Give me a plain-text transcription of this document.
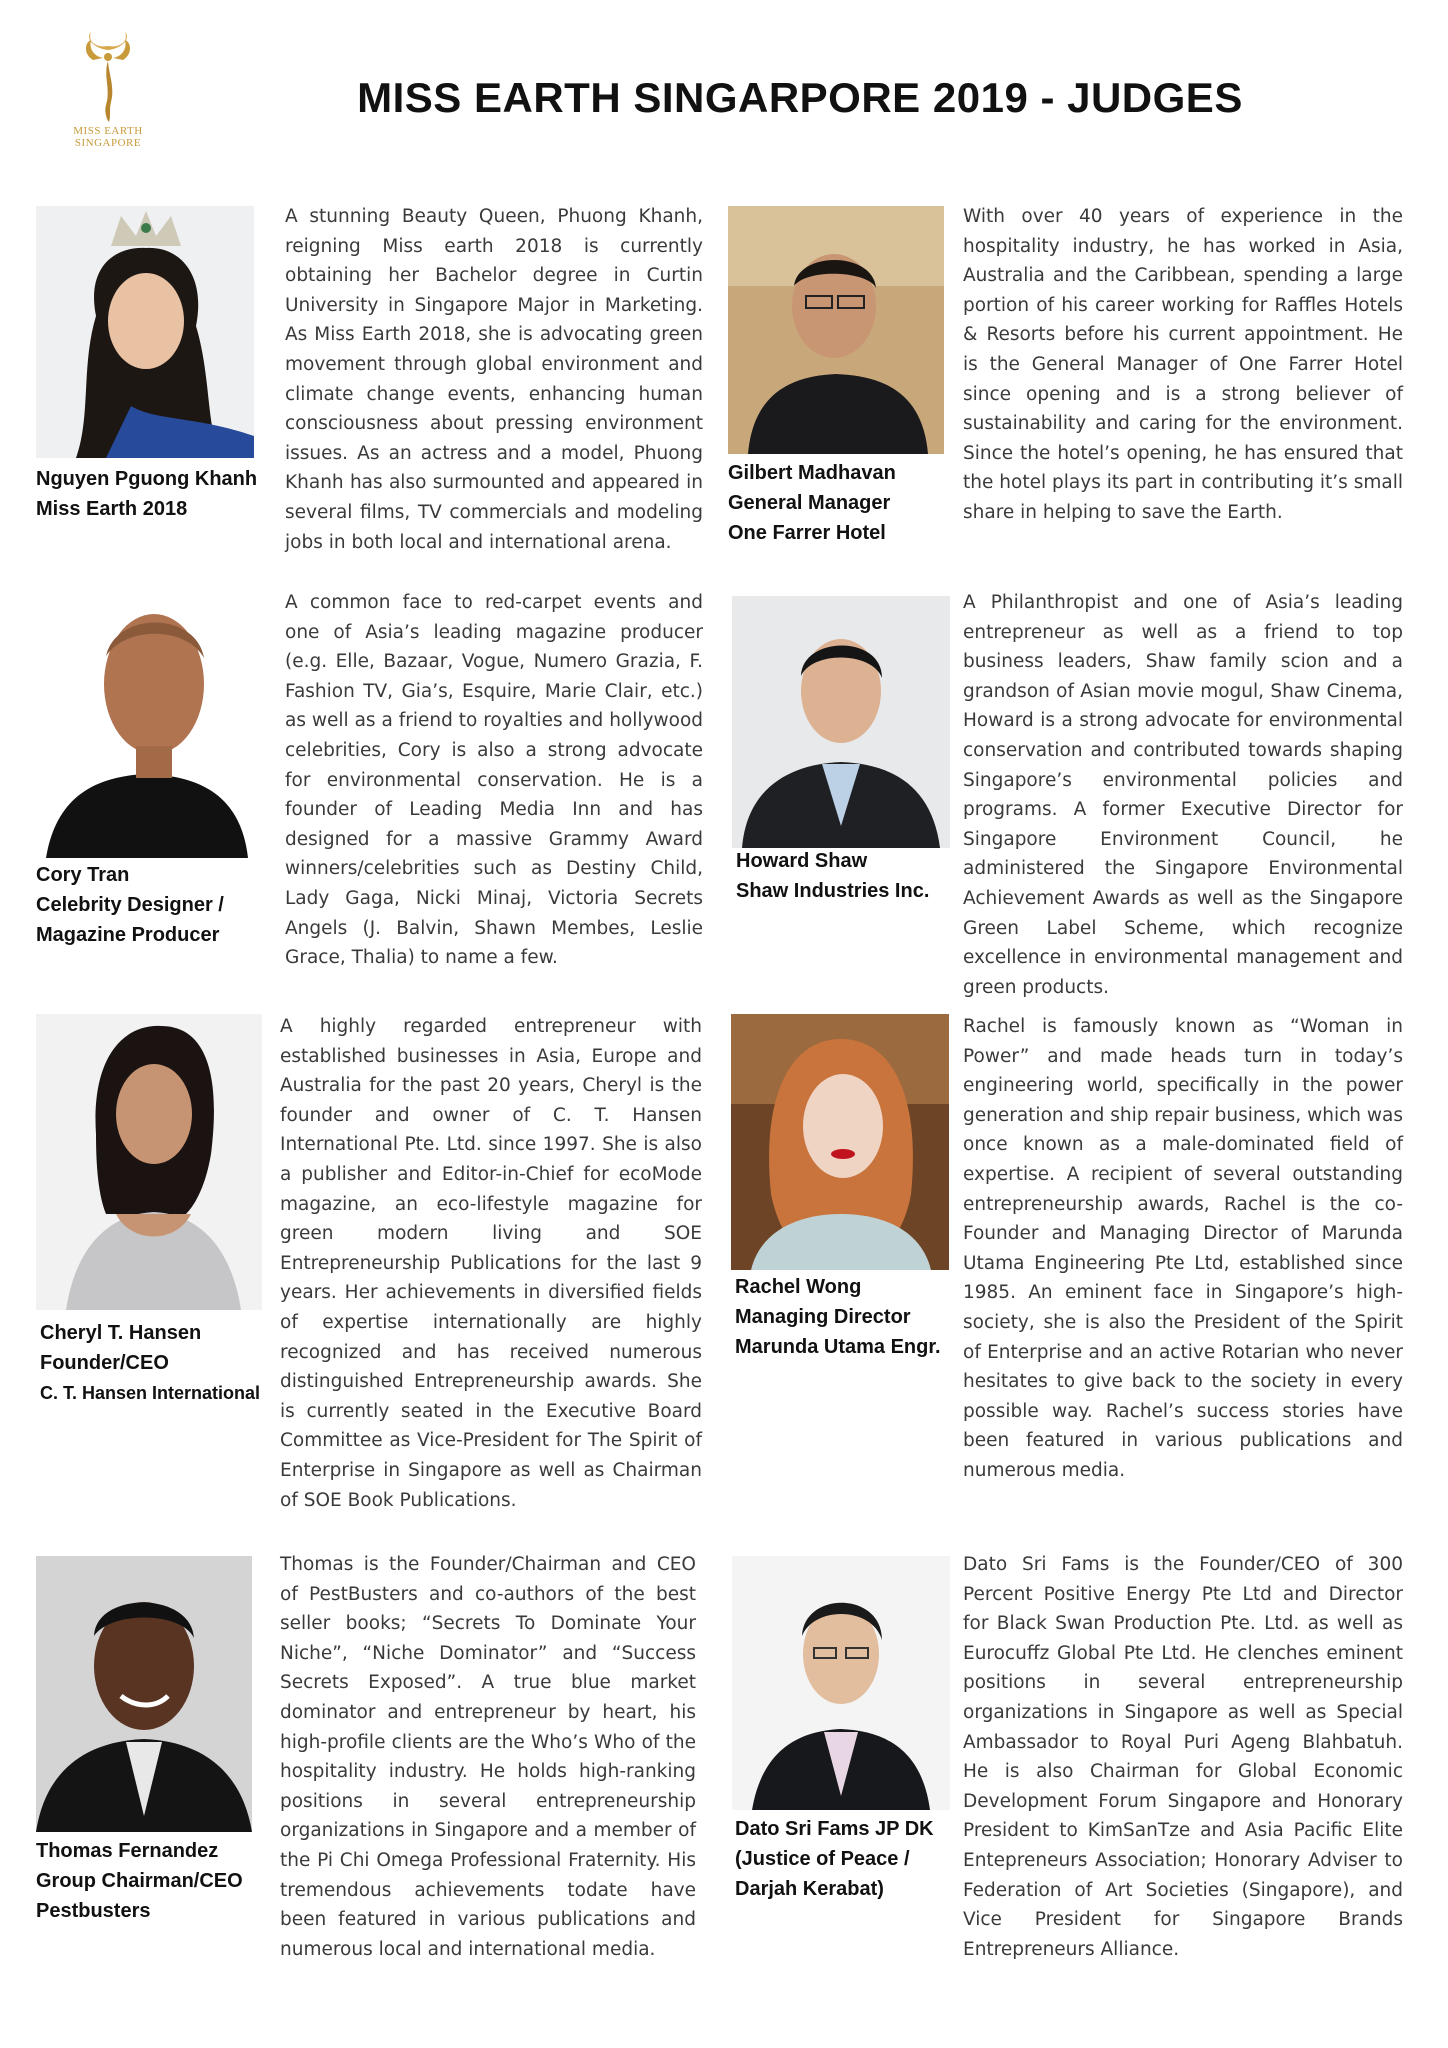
MISS EARTH
SINGAPORE
MISS EARTH SINGARPORE 2019 - JUDGES
Nguyen Pguong Khanh
Miss Earth 2018

A stunning Beauty Queen, Phuong Khanh, reigning Miss earth 2018 is currently obtaining her Bachelor degree in Curtin University in Singapore Major in Marketing. As Miss Earth 2018, she is advocating green movement through global environment and climate change events, enhancing human consciousness about pressing environment issues. As an actress and a model, Phuong Khanh has also surmounted and appeared in several films, TV commercials and modeling jobs in both local and international arena.

Gilbert Madhavan
General Manager
One Farrer Hotel

With over 40 years of experience in the hospitality industry, he has worked in Asia, Australia and the Caribbean, spending a large portion of his career working for Raffles Hotels & Resorts before his current appointment. He is the General Manager of One Farrer Hotel since opening and is a strong believer of sustainability and caring for the environment. Since the hotel’s opening, he has ensured that the hotel plays its part in contributing it’s small share in helping to save the Earth.

Cory Tran
Celebrity Designer /
Magazine Producer

A common face to red-carpet events and one of Asia’s leading magazine producer (e.g. Elle, Bazaar, Vogue, Numero Grazia, F. Fashion TV, Gia’s, Esquire, Marie Clair, etc.) as well as a friend to royalties and hollywood celebrities, Cory is also a strong advocate for environmental conservation. He is a founder of Leading Media Inn and has designed for a massive Grammy Award winners/celebrities such as Destiny Child, Lady Gaga, Nicki Minaj, Victoria Secrets Angels (J. Balvin, Shawn Membes, Leslie Grace, Thalia) to name a few.

Howard Shaw
Shaw Industries Inc.

A Philanthropist and one of Asia’s leading entrepreneur as well as a friend to top business leaders, Shaw family scion and a grandson of Asian movie mogul, Shaw Cinema, Howard is a strong advocate for environmental conservation and contributed towards shaping Singapore’s environmental policies and programs. A former Executive Director for Singapore Environment Council, he administered the Singapore Environmental Achievement Awards as well as the Singapore Green Label Scheme, which recognize excellence in environmental management and green products.

Cheryl T. Hansen
Founder/CEO
C. T. Hansen International

A highly regarded entrepreneur with established businesses in Asia, Europe and Australia for the past 20 years, Cheryl is the founder and owner of C. T. Hansen International Pte. Ltd. since 1997. She is also a publisher and Editor-in-Chief for ecoMode magazine, an eco-lifestyle magazine for green modern living and SOE Entrepreneurship Publications for the last 9 years. Her achievements in diversified fields of expertise internationally are highly recognized and has received numerous distinguished Entrepreneurship awards. She is currently seated in the Executive Board Committee as Vice-President for The Spirit of Enterprise in Singapore as well as Chairman of SOE Book Publications.

Rachel Wong
Managing Director
Marunda Utama Engr.

Rachel is famously known as “Woman in Power” and made heads turn in today’s engineering world, specifically in the power generation and ship repair business, which was once known as a male-dominated field of expertise. A recipient of several outstanding entrepreneurship awards, Rachel is the co-Founder and Managing Director of Marunda Utama Engineering Pte Ltd, established since 1985. An eminent face in Singapore’s high-society, she is also the President of the Spirit of Enterprise and an active Rotarian who never hesitates to give back to the society in every possible way. Rachel’s success stories have been featured in various publications and numerous media.

Thomas Fernandez
Group Chairman/CEO
Pestbusters

Thomas is the Founder/Chairman and CEO of PestBusters and co-authors of the best seller books; “Secrets To Dominate Your Niche”, “Niche Dominator” and “Success Secrets Exposed”. A true blue market dominator and entrepreneur by heart, his high-profile clients are the Who’s Who of the hospitality industry. He holds high-ranking positions in several entrepreneurship organizations in Singapore and a member of the Pi Chi Omega Professional Fraternity. His tremendous achievements todate have been featured in various publications and numerous local and international media.

Dato Sri Fams JP DK
(Justice of Peace /
Darjah Kerabat)

Dato Sri Fams is the Founder/CEO of 300 Percent Positive Energy Pte Ltd and Director for Black Swan Production Pte. Ltd. as well as Eurocuffz Global Pte Ltd. He clenches eminent positions in several entrepreneurship organizations in Singapore as well as Special Ambassador to Royal Puri Ageng Blahbatuh. He is also Chairman for Global Economic Development Forum Singapore and Honorary President to KimSanTze and Asia Pacific Elite Entepreneurs Association; Honorary Adviser to Federation of Art Societies (Singapore), and Vice President for Singapore Brands Entrepreneurs Alliance.
